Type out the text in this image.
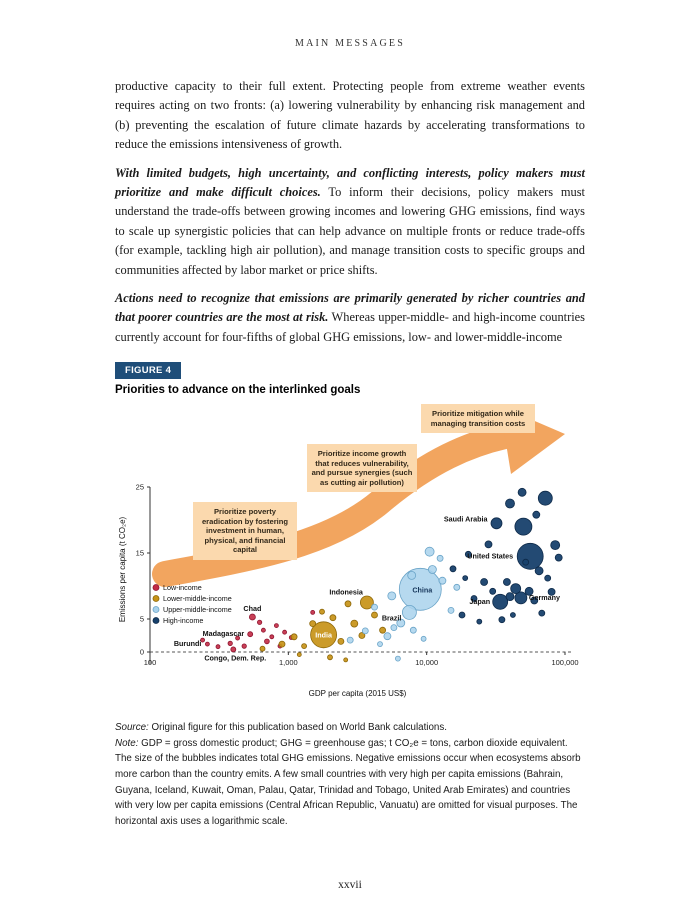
MAIN MESSAGES

productive capacity to their full extent. Protecting people from extreme weather events requires acting on two fronts: (a) lowering vulnerability by enhancing risk management and (b) preventing the escalation of future climate hazards by accelerating transformations to reduce the emissions intensiveness of growth.

With limited budgets, high uncertainty, and conflicting interests, policy makers must prioritize and make difficult choices. To inform their decisions, policy makers must understand the trade-offs between growing incomes and lowering GHG emissions, find ways to scale up synergistic policies that can help advance on multiple fronts or reduce trade-offs (for example, tackling high air pollution), and manage transition costs to specific groups and communities affected by labor market or price shifts.

Actions need to recognize that emissions are primarily generated by richer countries and that poorer countries are the most at risk. Whereas upper-middle- and high-income countries currently account for four-fifths of global GHG emissions, low- and lower-middle-income

FIGURE 4
Priorities to advance on the interlinked goals
0
5
15
25
100	1,000	10,000	100,000
GDP per capita (2015 US$)
Emissions per capita (t CO₂e)
Burundi
Congo, Dem. Rep.
Madagascar
Chad
India
Indonesia	China
Brazil
Saudi Arabia
United States
Japan	Germany
Low-income
Lower-middle-income
Upper-middle-income
High-income
Prioritize poverty eradication by fostering investment in human, physical, and financial capital
Prioritize income growth that reduces vulnerability, and pursue synergies (such as cutting air pollution)
Prioritize mitigation while managing transition costs
Source: Original figure for this publication based on World Bank calculations.
Note: GDP = gross domestic product; GHG = greenhouse gas; t CO₂e = tons, carbon dioxide equivalent. The size of the bubbles indicates total GHG emissions. Negative emissions occur when ecosystems absorb more carbon than the country emits. A few small countries with very high per capita emissions (Bahrain, Guyana, Iceland, Kuwait, Oman, Palau, Qatar, Trinidad and Tobago, United Arab Emirates) and countries with very low per capita emissions (Central African Republic, Vanuatu) are omitted for visual purposes. The horizontal axis uses a logarithmic scale.
xxvii
